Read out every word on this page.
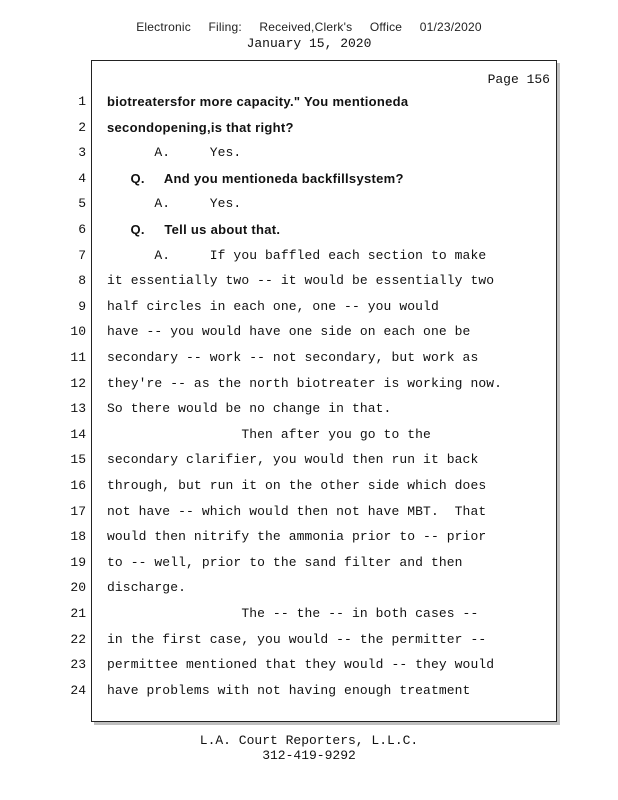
Electronic Filing: Received,Clerk's Office 01/23/2020
January 15, 2020
Page 156
1 biotreatersfor more capacity." You mentioneda
2 secondopening,is that right?
3 A.     Yes.
4 Q.     And you mentioneda backfillsystem?
5 A.     Yes.
6 Q.     Tell us about that.
7 A.     If you baffled each section to make
8 it essentially two -- it would be essentially two
9 half circles in each one, one -- you would
10 have -- you would have one side on each one be
11 secondary -- work -- not secondary, but work as
12 they're -- as the north biotreater is working now.
13 So there would be no change in that.
14 Then after you go to the
15 secondary clarifier, you would then run it back
16 through, but run it on the other side which does
17 not have -- which would then not have MBT.  That
18 would then nitrify the ammonia prior to -- prior
19 to -- well, prior to the sand filter and then
20 discharge.
21 The -- the -- in both cases --
22 in the first case, you would -- the permitter --
23 permittee mentioned that they would -- they would
24 have problems with not having enough treatment
L.A. Court Reporters, L.L.C.
312-419-9292
